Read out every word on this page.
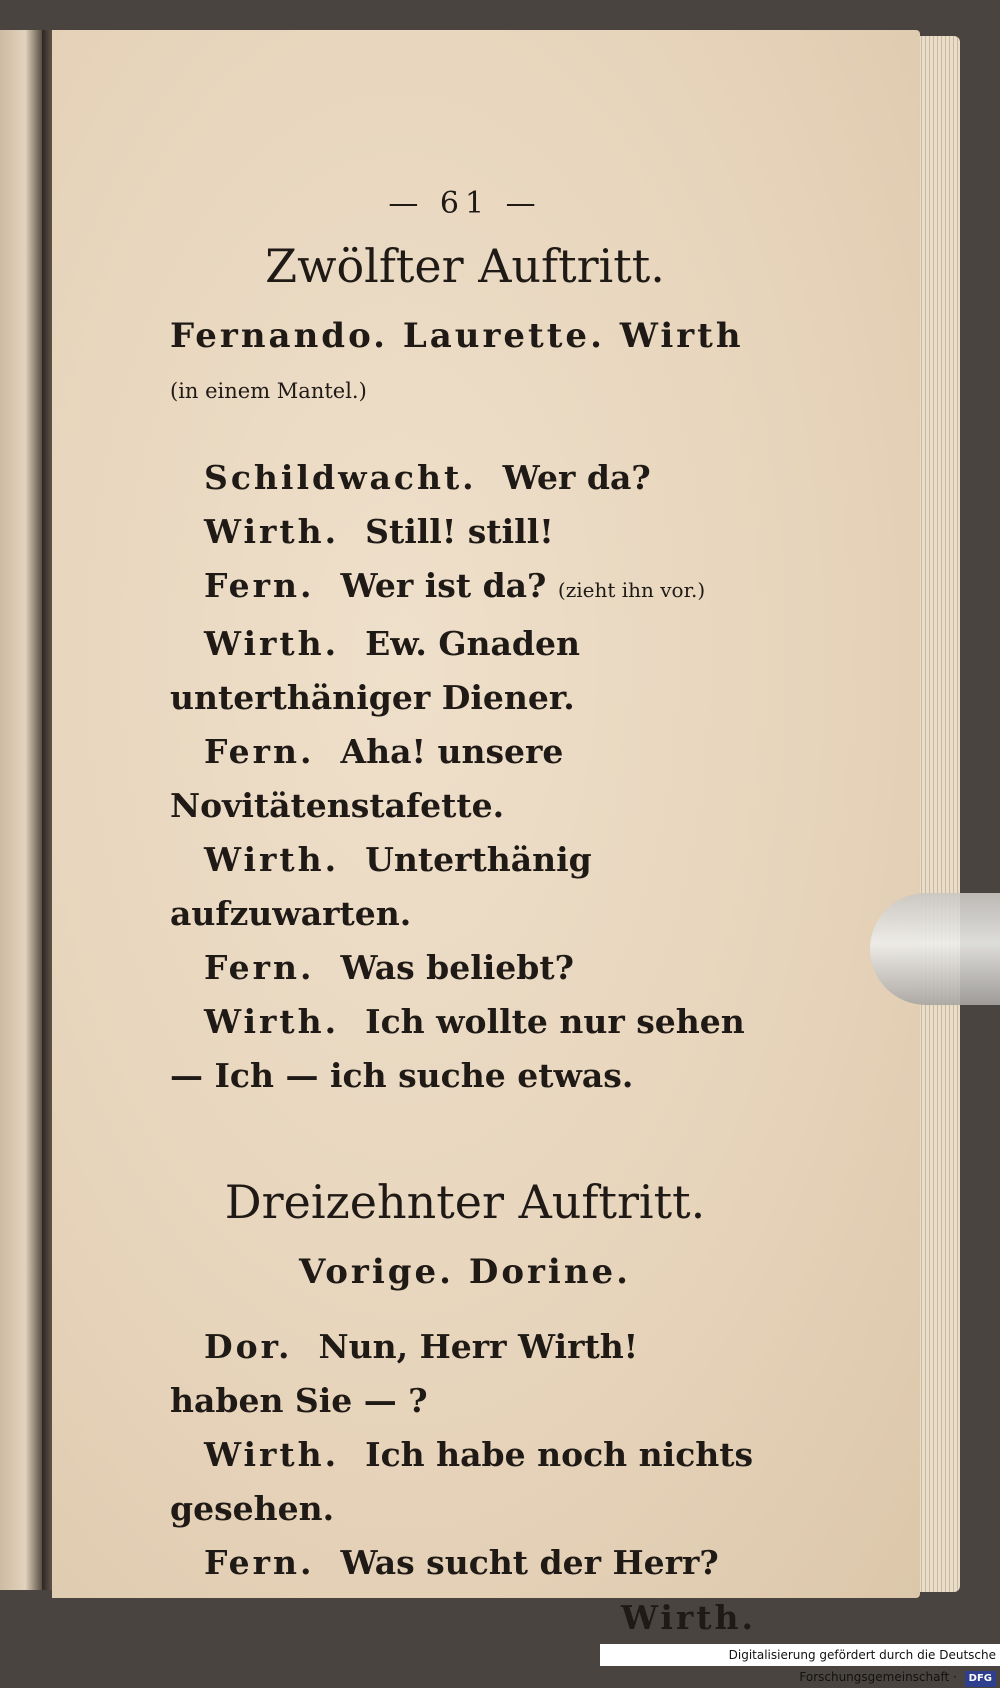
— 61 —
Zwölfter Auftritt.
Fernando. Laurette. Wirth (in einem Mantel.)
Schildwacht. Wer da?
Wirth. Still! still!
Fern. Wer ist da? (zieht ihn vor.)
Wirth. Ew. Gnaden unterthäniger Diener.
Fern. Aha! unsere Novitätenstafette.
Wirth. Unterthänig aufzuwarten.
Fern. Was beliebt?
Wirth. Ich wollte nur sehen — Ich — ich suche etwas.
Dreizehnter Auftritt.
Vorige. Dorine.
Dor. Nun, Herr Wirth! haben Sie — ?
Wirth. Ich habe noch nichts gesehen.
Fern. Was sucht der Herr?
Wirth.
Digitalisierung gefördert durch die Deutsche Forschungsgemeinschaft · DFG
